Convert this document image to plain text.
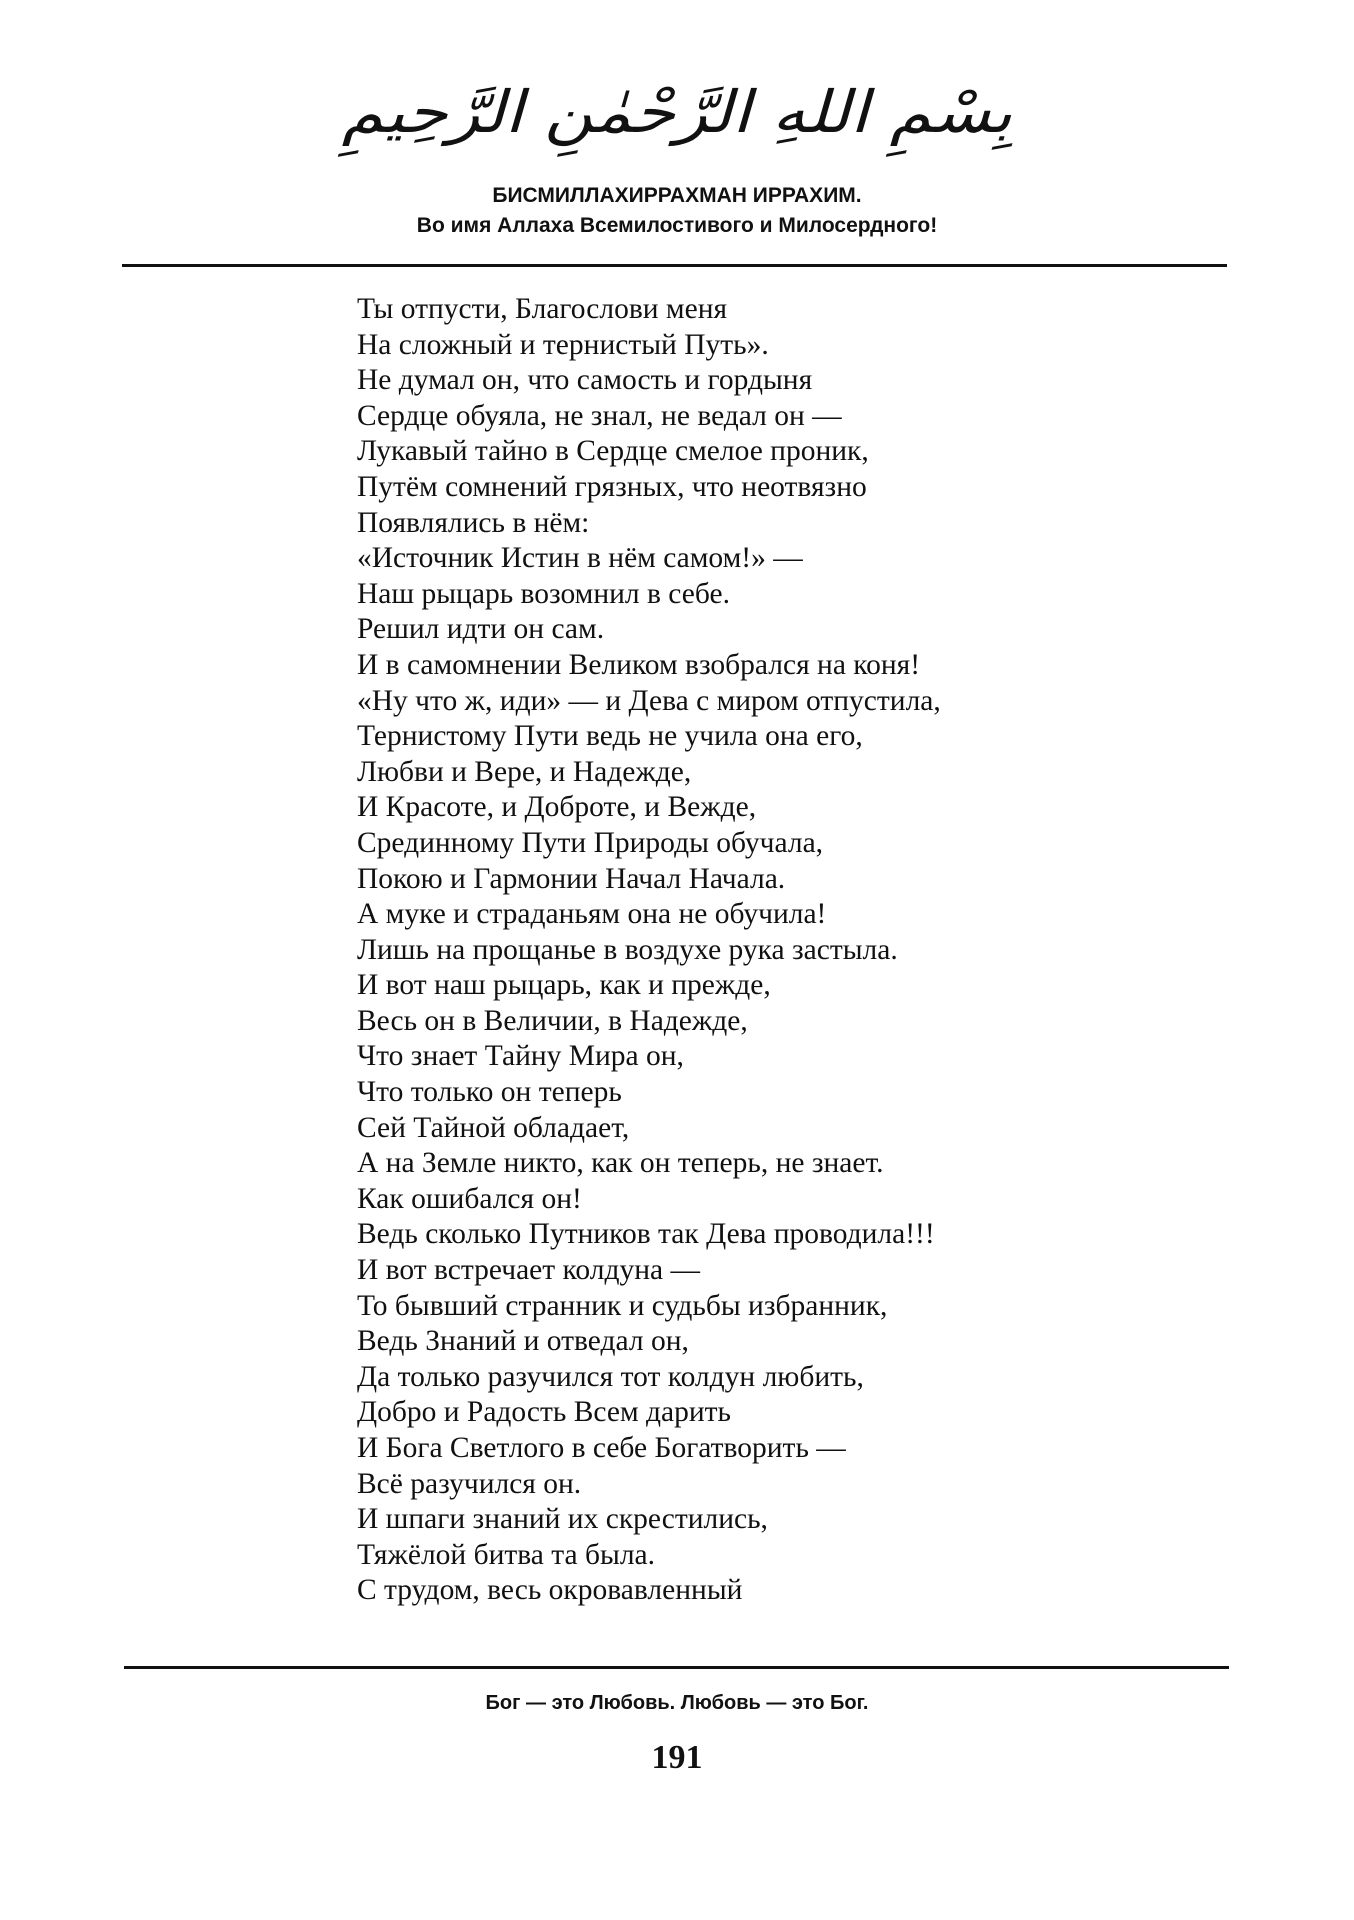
بِسْمِ اللهِ الرَّحْمٰنِ الرَّحِيمِ
БИСМИЛЛАХИРРАХМАН ИРРАХИМ.
Во имя Аллаха Всемилостивого и Милосердного!
Ты отпусти, Благослови меня
На сложный и тернистый Путь».
Не думал он, что самость и гордыня
Сердце обуяла, не знал, не ведал он —
Лукавый тайно в Сердце смелое проник,
Путём сомнений грязных, что неотвязно
Появлялись в нём:
«Источник Истин в нём самом!» —
Наш рыцарь возомнил в себе.
Решил идти он сам.
И в самомнении Великом взобрался на коня!
«Ну что ж, иди» — и Дева с миром отпустила,
Тернистому Пути ведь не учила она его,
Любви и Вере, и Надежде,
И Красоте, и Доброте, и Вежде,
Срединному Пути Природы обучала,
Покою и Гармонии Начал Начала.
А муке и страданьям она не обучила!
Лишь на прощанье в воздухе рука застыла.
И вот наш рыцарь, как и прежде,
Весь он в Величии, в Надежде,
Что знает Тайну Мира он,
Что только он теперь
Сей Тайной обладает,
А на Земле никто, как он теперь, не знает.
Как ошибался он!
Ведь сколько Путников так Дева проводила!!!
И вот встречает колдуна —
То бывший странник и судьбы избранник,
Ведь Знаний и отведал он,
Да только разучился тот колдун любить,
Добро и Радость Всем дарить
И Бога Светлого в себе Богатворить —
Всё разучился он.
И шпаги знаний их скрестились,
Тяжёлой битва та была.
С трудом, весь окровавленный
Бог — это Любовь. Любовь — это Бог.
191
